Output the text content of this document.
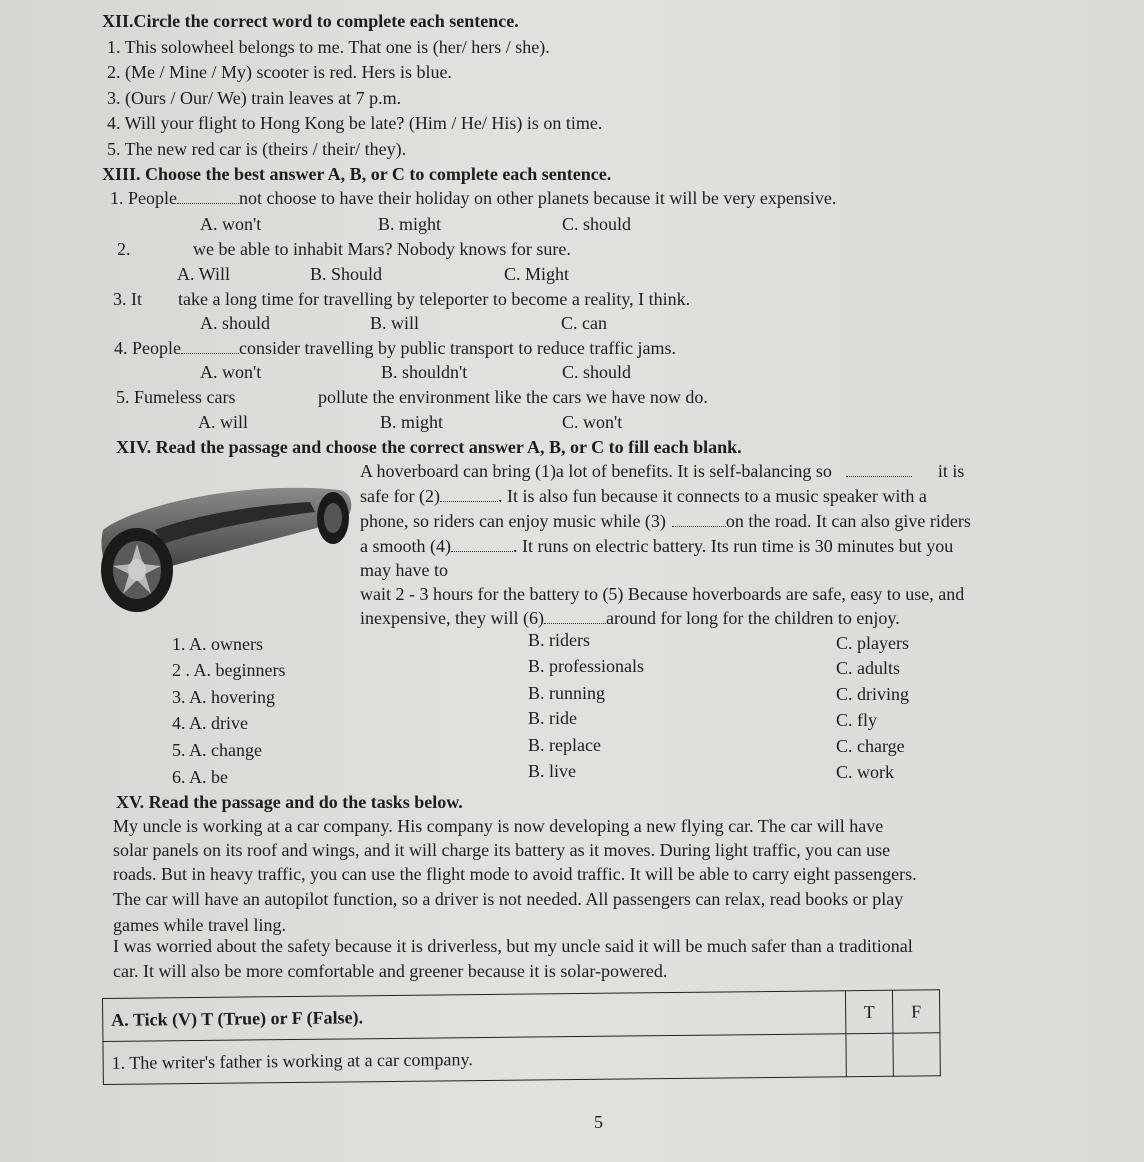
XII.Circle the correct word to complete each sentence.
1. This solowheel belongs to me. That one is (her/ hers / she).
2. (Me / Mine / My) scooter is red. Hers is blue.
3. (Ours / Our/ We) train leaves at 7 p.m.
4. Will your flight to Hong Kong be late? (Him / He/ His) is on time.
5. The new red car is (theirs / their/ they).
XIII. Choose the best answer A, B, or C to complete each sentence.
1. People	not choose to have their holiday on other planets because it will be very expensive.
A. won't	B. might	C. should
2.	we be able to inhabit Mars? Nobody knows for sure.
A. Will	B. Should	C. Might
3. It take a long time for travelling by teleporter to become a reality, I think.
A. should	B. will	C. can
4. People	consider travelling by public transport to reduce traffic jams.
A. won't	B. shouldn't	C. should
5. Fumeless cars	pollute the environment like the cars we have now do.
A. will	B. might	C. won't
XIV. Read the passage and choose the correct answer A, B, or C to fill each blank.
A hoverboard can bring (1)a lot of benefits. It is self-balancing so	it is
safe for (2)	. It is also fun because it connects to a music speaker with a
phone, so riders can enjoy music while (3)	on the road. It can also give riders
a smooth (4)	. It runs on electric battery. Its run time is 30 minutes but you
may have to
wait 2 - 3 hours for the battery to (5) Because hoverboards are safe, easy to use, and
inexpensive, they will (6)	around for long for the children to enjoy.
1. A. owners	B. riders	C. players
2 . A. beginners	B. professionals	C. adults
3. A. hovering	B. running	C. driving
4. A. drive	B. ride	C. fly
5. A. change	B. replace	C. charge
6. A. be	B. live	C. work
XV. Read the passage and do the tasks below.
My uncle is working at a car company. His company is now developing a new flying car. The car will have
solar panels on its roof and wings, and it will charge its battery as it moves. During light traffic, you can use
roads. But in heavy traffic, you can use the flight mode to avoid traffic. It will be able to carry eight passengers.
The car will have an autopilot function, so a driver is not needed. All passengers can relax, read books or play
games while travel ling.
I was worried about the safety because it is driverless, but my uncle said it will be much safer than a traditional
car. It will also be more comfortable and greener because it is solar-powered.
A. Tick (V) T (True) or F (False).	T	F
1. The writer's father is working at a car company.		
5
